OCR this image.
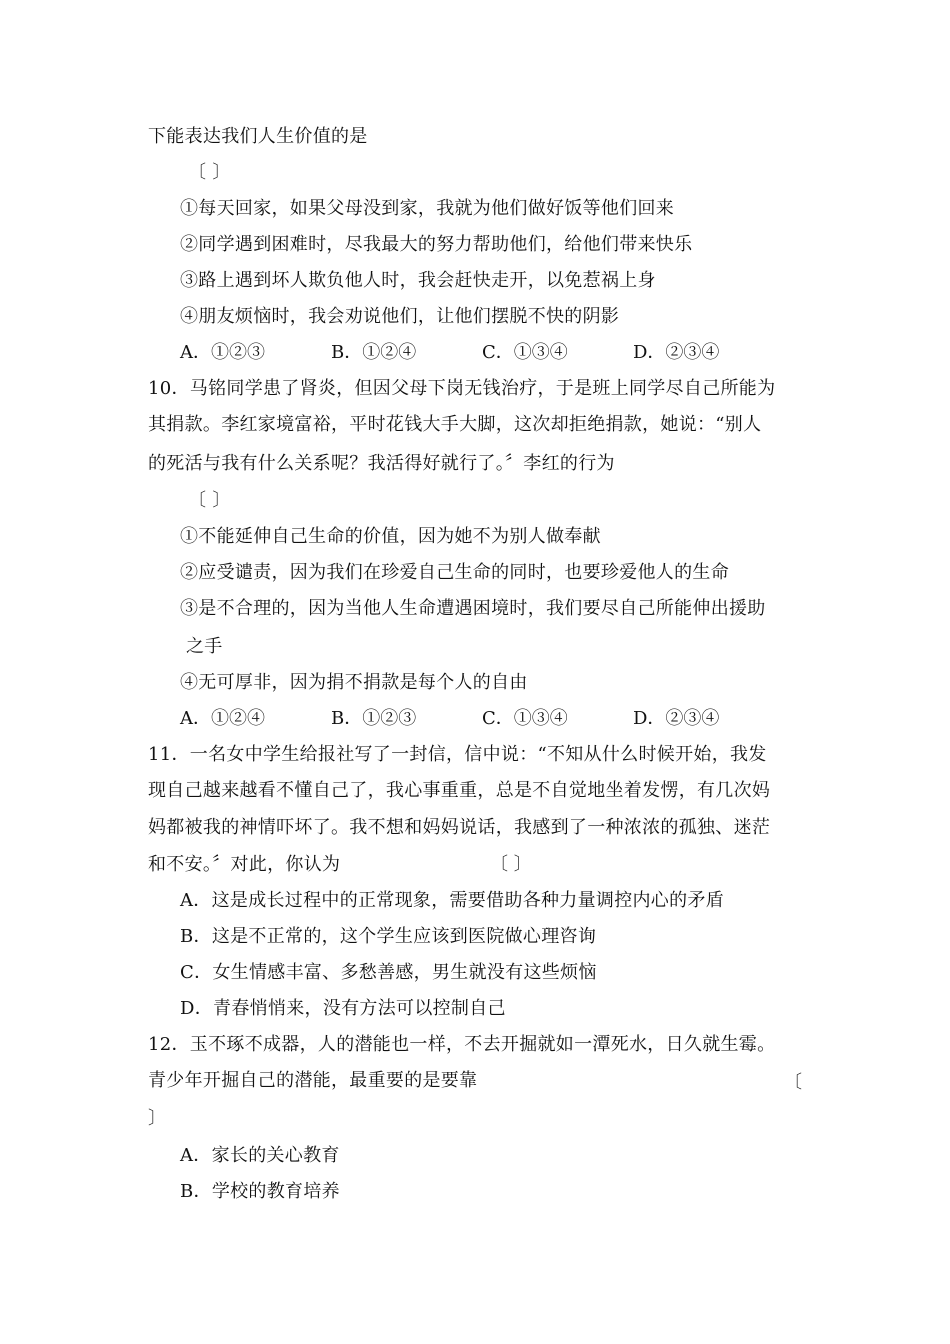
下能表达我们人生价值的是
〔 〕
①每天回家，如果父母没到家，我就为他们做好饭等他们回来
②同学遇到困难时，尽我最大的努力帮助他们，给他们带来快乐
③路上遇到坏人欺负他人时，我会赶快走开，以免惹祸上身
④朋友烦恼时，我会劝说他们，让他们摆脱不快的阴影
A．①②③	B．①②④	C．①③④	D．②③④
10．马铭同学患了肾炎，但因父母下岗无钱治疗，于是班上同学尽自己所能为
其捐款。李红家境富裕，平时花钱大手大脚，这次却拒绝捐款，她说：“别人
的死活与我有什么关系呢？我活得好就行了。〞李红的行为
〔 〕
①不能延伸自己生命的价值，因为她不为别人做奉献
②应受谴责，因为我们在珍爱自己生命的同时，也要珍爱他人的生命
③是不合理的，因为当他人生命遭遇困境时，我们要尽自己所能伸出援助
之手
④无可厚非，因为捐不捐款是每个人的自由
A．①②④	B．①②③	C．①③④	D．②③④
11．一名女中学生给报社写了一封信，信中说：“不知从什么时候开始，我发
现自己越来越看不懂自己了，我心事重重，总是不自觉地坐着发愣，有几次妈
妈都被我的神情吓坏了。我不想和妈妈说话，我感到了一种浓浓的孤独、迷茫
和不安。〞对此，你认为	〔 〕
A．这是成长过程中的正常现象，需要借助各种力量调控内心的矛盾
B．这是不正常的，这个学生应该到医院做心理咨询
C．女生情感丰富、多愁善感，男生就没有这些烦恼
D．青春悄悄来，没有方法可以控制自己
12．玉不琢不成器，人的潜能也一样，不去开掘就如一潭死水，日久就生霉。
青少年开掘自己的潜能，最重要的是要靠	〔
〕
A．家长的关心教育
B．学校的教育培养
